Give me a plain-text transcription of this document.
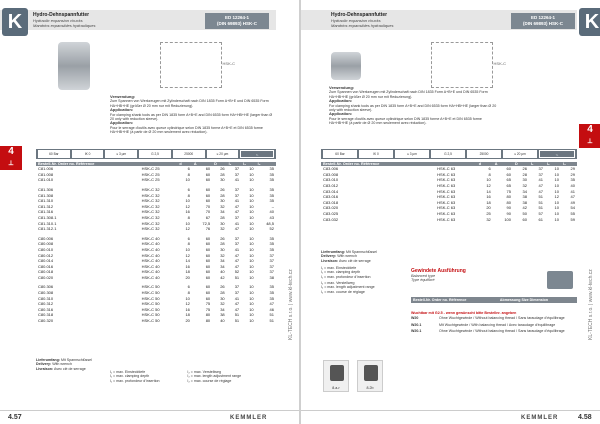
K	Hydro-Dehnspannfutter
Hydraulic expansion chucks
Mandrins expansibles hydrauliques
ED 12264-1
(DIN 69893) HSK-C
HSK-C
Verwendung:
Zum Spannen von Werkzeugen mit Zylinderschaft nach DIN 1835 Form A+B+E und DIN 6535 Form HA+HB+HE (größer Ø 20 mm nur mit Reduzierung).
Application:
For clamping shank tools as per DIN 1835 form A+B+E and DIN 6535 form HA+HB+HE (larger than Ø 20 only with reduction sleeve).
Application:
Pour le serrage d'outils avec queue cylindrique selon DIN 1835 forme A+B+E et DIN 6535 forme HA+HB+HE (à partir de Ø 20 mm seulement avec réduction).
60 Bar	IK 0	≤ 3 µm	G 2,5	25000	≤ 20 µm	↑↓
4
⟂	Bestell-Nr. Order no. Référence		d	A	D	l₁	l₂	l₃
C81.006	HSK-C 25	6	60	26	37	10	35
C81.008	HSK-C 25	8	60	28	37	10	35
C81.010	HSK-C 25	10	60	30	41	10	35

C81.306	HSK-C 32	6	60	26	37	10	35
C81.308	HSK-C 32	8	60	28	37	10	35
C81.310	HSK-C 32	10	60	30	41	10	35
C81.312	HSK-C 32	12	70	32	47	10	–
C81.316	HSK-C 32	16	70	34	47	10	40
C81.308.1	HSK-C 32	8	67	28	37	10	43
C81.310.1	HSK-C 32	10	72,5	30	41	10	48,5
C81.312.1	HSK-C 32	12	76	32	47	10	52

C80.006	HSK-C 40	6	60	26	37	10	35
C80.008	HSK-C 40	8	60	28	37	10	35
C80.010	HSK-C 40	10	60	30	41	10	35
C80.012	HSK-C 40	12	60	32	47	10	37
C80.014	HSK-C 40	14	60	34	47	10	37
C80.016	HSK-C 40	16	60	34	47	10	37
C80.018	HSK-C 40	18	60	40	52	10	37
C80.020	HSK-C 40	20	60	42	51	10	38

C80.306	HSK-C 50	6	60	26	37	10	35
C80.308	HSK-C 50	8	60	28	37	10	35
C80.310	HSK-C 50	10	60	30	41	10	35
C80.312	HSK-C 50	12	75	32	47	10	47
C80.316	HSK-C 50	16	75	34	47	10	46
C80.318	HSK-C 50	18	80	38	51	10	51
C80.320	HSK-C 50	20	80	40	51	10	51
Lieferumfang: Mit Spannschlüssel
Delivery: With wrench
Livraison: Avec clé de serrage
l₁ = max. Einstecktiefe
l₁ = max. clamping depth
l₁ = max. profondeur d'insertion
l₂ = max. Verstellweg
l₂ = max. length adjustment range
l₂ = max. course de réglage
KL-TECH s.r.o. | www.kl-tech.cz
4.57	KEMMLER
Hydro-Dehnspannfutter
Hydraulic expansion chucks
Mandrins expansibles hydrauliques
ED 12264-1
(DIN 69893) HSK-C	K
HSK-C
Verwendung:
Zum Spannen von Werkzeugen mit Zylinderschaft nach DIN 1835 Form A+B+E und DIN 6535 Form HA+HB+HE (größer Ø 20 mm nur mit Reduzierung).
Application:
For clamping shank tools as per DIN 1835 form A+B+E and DIN 6535 form HA+HB+HE (larger than Ø 20 only with reduction sleeve).
Application:
Pour le serrage d'outils avec queue cylindrique selon DIN 1835 forme A+B+E et DIN 6535 forme HA+HB+HE (à partir de Ø 20 mm seulement avec réduction).
60 Bar	IK 0	≤ 3 µm	G 2,5	25000	≤ 20 µm	↑↓
4
⟂
Bestell-Nr. Order no. Référence		d	A	D	l₁	l₂	l₃
C83.006	HSK-C 63	6	60	26	37	10	29
C83.008	HSK-C 63	8	60	28	37	10	29
C83.010	HSK-C 63	10	65	30	41	10	35
C83.012	HSK-C 63	12	65	32	47	10	40
C83.014	HSK-C 63	14	75	34	47	10	41
C83.016	HSK-C 63	16	80	38	51	12	47
C83.018	HSK-C 63	18	80	38	51	10	49
C83.020	HSK-C 63	20	90	42	51	10	54
C83.025	HSK-C 63	25	90	50	57	10	55
C83.032	HSK-C 63	32	100	60	61	10	59
Lieferumfang: Mit Spannschlüssel
Delivery: With wrench
Livraison: Avec clé de serrage
l₁ = max. Einstecktiefe
l₁ = max. clamping depth
l₁ = max. profondeur d'insertion
l₂ = max. Verstellweg
l₂ = max. length adjustment range
l₂ = max. course de réglage
Gewindete Ausführung
Balanced type
Type équilibré
Bestell-Nr. Order no. Référence	Abmessung Size Dimension
Wuchtbar mit G2.5 - wenn gewünscht bitte Bestellnr. angeben
W20	Ohne Wuchtgewinde / Without balancing thread / Sans taraudage d'équilibrage
W20.1	Mit Wuchtgewinde / With balancing thread / Avec taraudage d'équilibrage
W20.1	Ohne Wuchtgewinde / Without balancing thread / Sans taraudage d'équilibrage
8.a-r	8.2b
KL-TECH s.r.o. | www.kl-tech.cz
KEMMLER	4.58
